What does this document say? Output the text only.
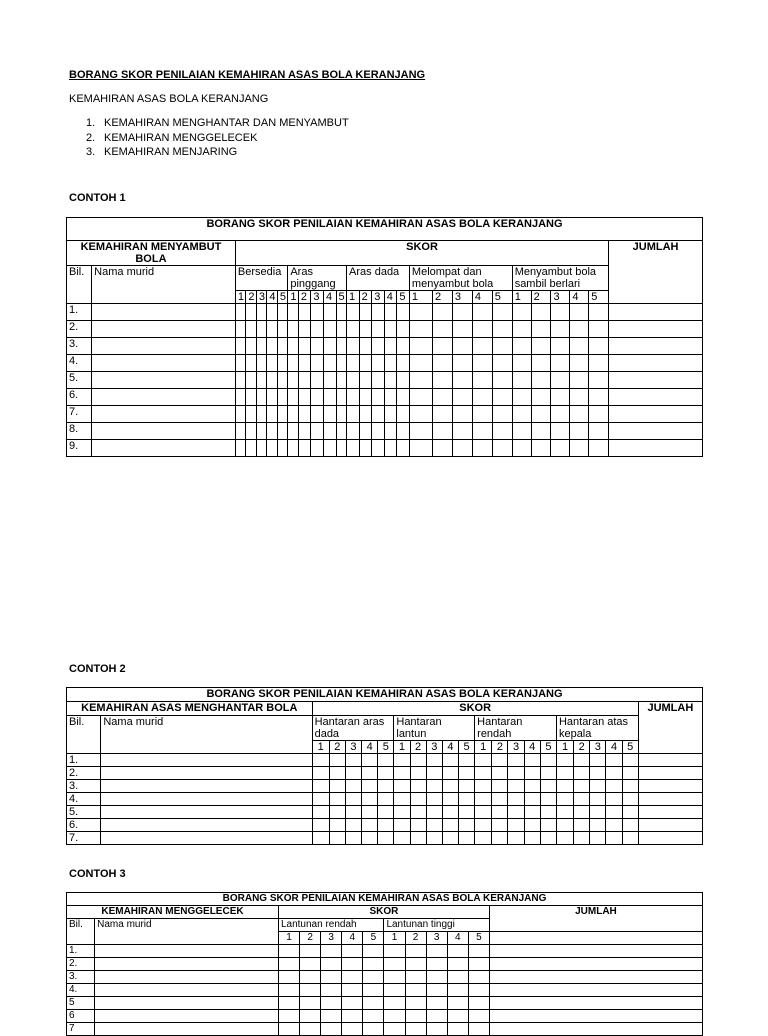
BORANG SKOR PENILAIAN KEMAHIRAN ASAS BOLA KERANJANG
KEMAHIRAN ASAS BOLA KERANJANG
1. KEMAHIRAN MENGHANTAR DAN MENYAMBUT
2. KEMAHIRAN MENGGELECEK
3. KEMAHIRAN MENJARING
CONTOH 1
BORANG SKOR PENILAIAN KEMAHIRAN ASAS BOLA KERANJANG																											
KEMAHIRAN MENYAMBUT BOLA		SKOR																									JUMLAH
Bil.	Nama murid	Bersedia					Aras pinggang					Aras dada					Melompat dan menyambut bola					Menyambut bola sambil berlari					
		1	2	3	4	5	1	2	3	4	5	1	2	3	4	5	1	2	3	4	5	1	2	3	4	5	
1.																											
2.																											
3.																											
4.																											
5.																											
6.																											
7.																											
8.																											
9.																											
CONTOH 2
BORANG SKOR PENILAIAN KEMAHIRAN ASAS BOLA KERANJANG																						
KEMAHIRAN ASAS MENGHANTAR BOLA		SKOR																				JUMLAH
Bil.	Nama murid	Hantaran aras dada					Hantaran lantun					Hantaran rendah					Hantaran atas kepala					
		1	2	3	4	5	1	2	3	4	5	1	2	3	4	5	1	2	3	4	5	
1.																						
2.																						
3.																						
4.																						
5.																						
6.																						
7.																						
CONTOH 3
BORANG SKOR PENILAIAN KEMAHIRAN ASAS BOLA KERANJANG												
KEMAHIRAN MENGGELECEK		SKOR										JUMLAH
Bil.	Nama murid	Lantunan rendah					Lantunan tinggi					
		1	2	3	4	5	1	2	3	4	5	
1.												
2.												
3.												
4.												
5												
6												
7												
